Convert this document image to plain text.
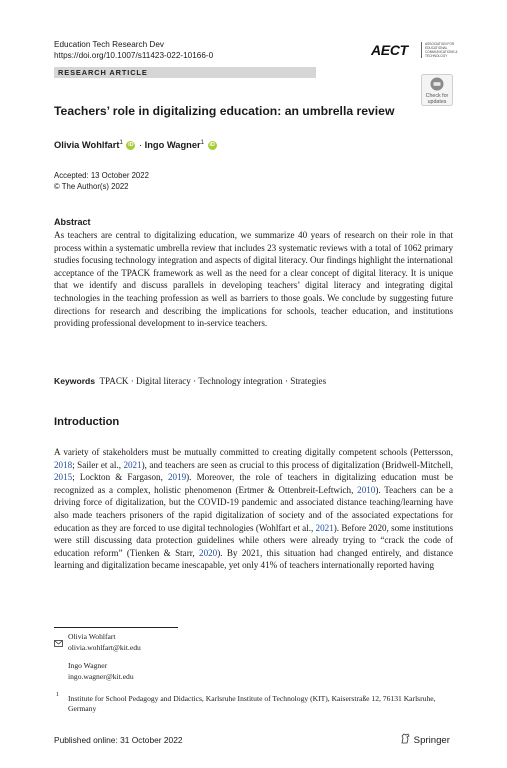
Education Tech Research Dev
https://doi.org/10.1007/s11423-022-10166-0	AECT	ASSOCIATION FOR
EDUCATIONAL
COMMUNICATIONS &
TECHNOLOGY
RESEARCH ARTICLE
Check for
updates
Teachers’ role in digitalizing education: an umbrella review
Olivia Wohlfart$^1$ iD · Ingo Wagner$^1$ iD
Accepted: 13 October 2022
© The Author(s) 2022
Abstract
As teachers are central to digitalizing education, we summarize 40 years of research on their role in that process within a systematic umbrella review that includes 23 systematic reviews with a total of 1062 primary studies focusing technology integration and aspects of digital literacy. Our findings highlight the international acceptance of the TPACK framework as well as the need for a clear concept of digital literacy. It is unique that we identify and discuss parallels in developing teachers’ digital literacy and integrating digital technologies in the teaching profession as well as barriers to those goals. We conclude by suggesting future directions for research and describing the implications for schools, teacher education, and institutions providing professional development to in-service teachers.
Keywords TPACK · Digital literacy · Technology integration · Strategies
Introduction
A variety of stakeholders must be mutually committed to creating digitally competent schools (Pettersson, 2018; Sailer et al., 2021), and teachers are seen as crucial to this process of digitalization (Bridwell-Mitchell, 2015; Lockton & Fargason, 2019). Moreover, the role of teachers in digitalizing education must be recognized as a complex, holistic phenomenon (Ertmer & Ottenbreit-Leftwich, 2010). Teachers can be a driving force of digitalization, but the COVID-19 pandemic and associated distance teaching/learning have also made teachers prisoners of the rapid digitalization of society and of the associated expectations for education as they are forced to use digital technologies (Wohlfart et al., 2021). Before 2020, some institutions were still discussing data protection guidelines while others were already trying to “crack the code of education reform” (Tienken & Starr, 2020). By 2021, this situation had changed entirely, and distance learning and digitalization became inescapable, yet only 41% of teachers internationally reported having
Olivia Wohlfart
olivia.wohlfart@kit.edu
Ingo Wagner
ingo.wagner@kit.edu
1 Institute for School Pedagogy and Didactics, Karlsruhe Institute of Technology (KIT), Kaiserstraße 12, 76131 Karlsruhe, Germany
Published online: 31 October 2022	Springer
